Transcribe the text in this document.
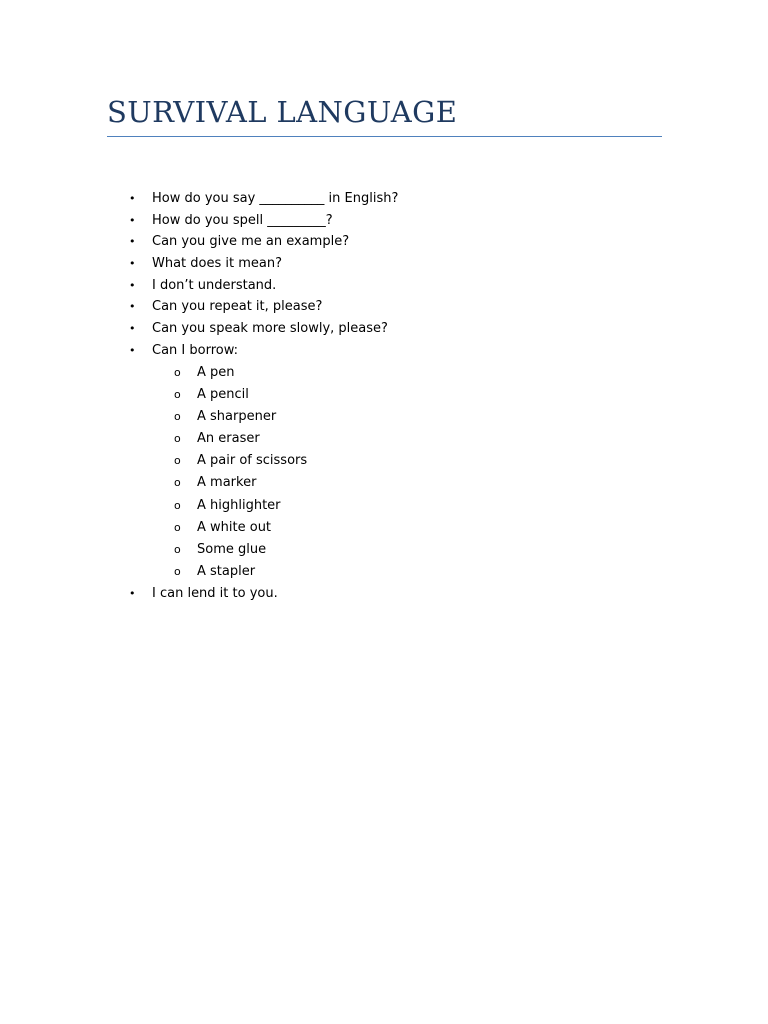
SURVIVAL LANGUAGE
• How do you say __________ in English?
• How do you spell _________?
• Can you give me an example?
• What does it mean?
• I don’t understand.
• Can you repeat it, please?
• Can you speak more slowly, please?
• Can I borrow:
o A pen
o A pencil
o A sharpener
o An eraser
o A pair of scissors
o A marker
o A highlighter
o A white out
o Some glue
o A stapler
• I can lend it to you.
